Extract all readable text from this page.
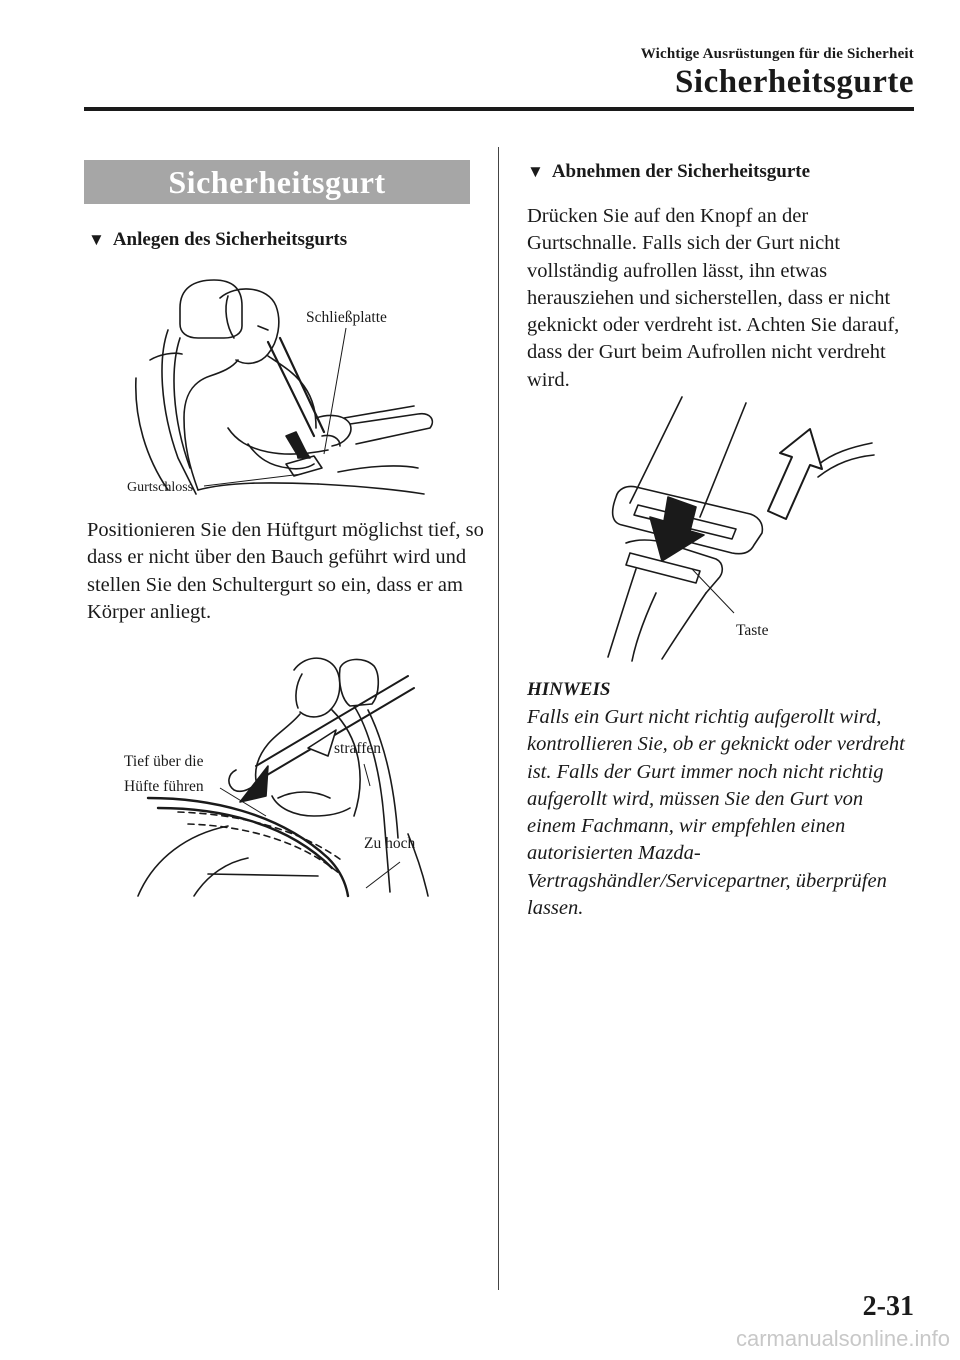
Wichtige Ausrüstungen für die Sicherheit
Sicherheitsgurte
Sicherheitsgurt
▼ Anlegen des Sicherheitsgurts
Schließplatte
Gurtschloss
Positionieren Sie den Hüftgurt möglichst tief, so dass er nicht über den Bauch geführt wird und stellen Sie den Schultergurt so ein, dass er am Körper anliegt.
Tief über die
Hüfte führen
straffen
Zu hoch
▼ Abnehmen der Sicherheitsgurte
Drücken Sie auf den Knopf an der Gurtschnalle. Falls sich der Gurt nicht vollständig aufrollen lässt, ihn etwas herausziehen und sicherstellen, dass er nicht geknickt oder verdreht ist. Achten Sie darauf, dass der Gurt beim Aufrollen nicht verdreht wird.
Taste
HINWEIS
Falls ein Gurt nicht richtig aufgerollt wird, kontrollieren Sie, ob er geknickt oder verdreht ist. Falls der Gurt immer noch nicht richtig aufgerollt wird, müssen Sie den Gurt von einem Fachmann, wir empfehlen einen autorisierten Mazda-Vertragshändler/Servicepartner, überprüfen lassen.
2-31
carmanualsonline.info
